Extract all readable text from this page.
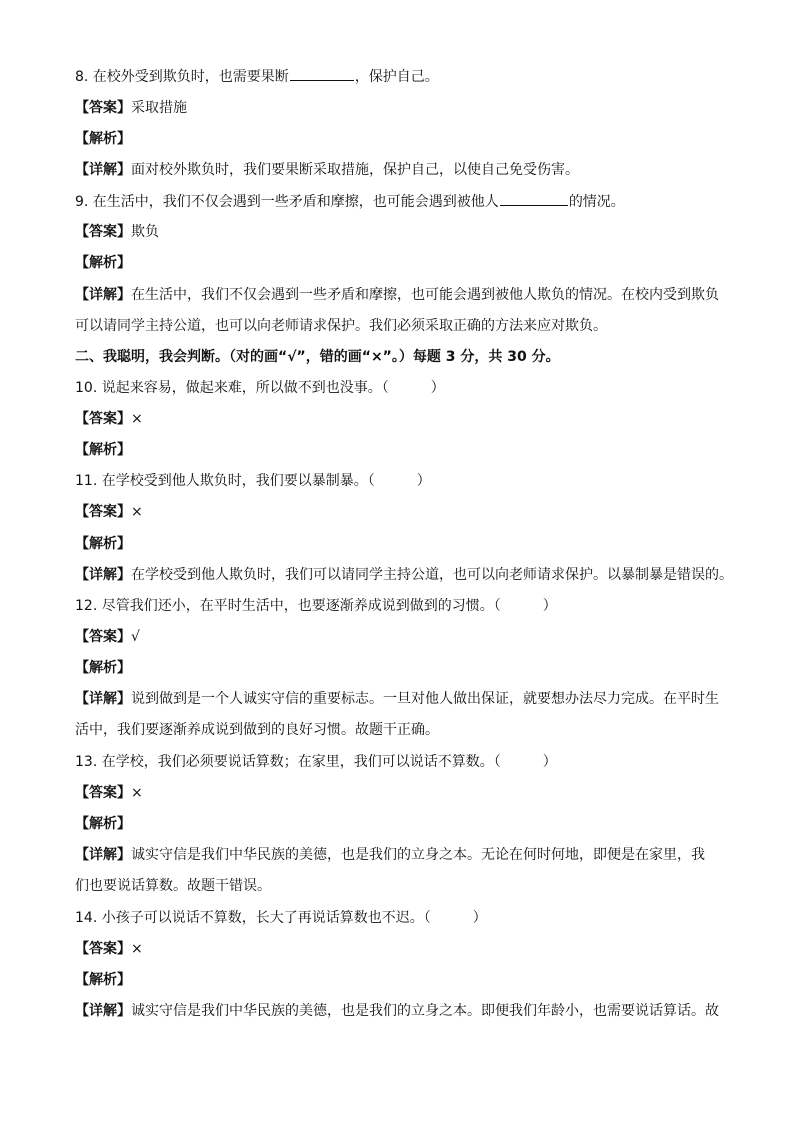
8. 在校外受到欺负时，也需要果断	，保护自己。
【答案】采取措施
【解析】
【详解】面对校外欺负时，我们要果断采取措施，保护自己，以使自己免受伤害。
9. 在生活中，我们不仅会遇到一些矛盾和摩擦，也可能会遇到被他人	的情况。
【答案】欺负
【解析】
【详解】在生活中，我们不仅会遇到一些矛盾和摩擦，也可能会遇到被他人欺负的情况。在校内受到欺负
可以请同学主持公道，也可以向老师请求保护。我们必须采取正确的方法来应对欺负。
二、我聪明，我会判断。（对的画“√”，错的画“×”。）每题 3 分，共 30 分。
10. 说起来容易，做起来难，所以做不到也没事。（	）
【答案】×
【解析】
11. 在学校受到他人欺负时，我们要以暴制暴。（	）
【答案】×
【解析】
【详解】在学校受到他人欺负时，我们可以请同学主持公道，也可以向老师请求保护。以暴制暴是错误的。
12. 尽管我们还小，在平时生活中，也要逐渐养成说到做到的习惯。（	）
【答案】√
【解析】
【详解】说到做到是一个人诚实守信的重要标志。一旦对他人做出保证，就要想办法尽力完成。在平时生
活中，我们要逐渐养成说到做到的良好习惯。故题干正确。
13. 在学校，我们必须要说话算数；在家里，我们可以说话不算数。（	）
【答案】×
【解析】
【详解】诚实守信是我们中华民族的美德，也是我们的立身之本。无论在何时何地，即便是在家里，我
们也要说话算数。故题干错误。
14. 小孩子可以说话不算数，长大了再说话算数也不迟。（	）
【答案】×
【解析】
【详解】诚实守信是我们中华民族的美德，也是我们的立身之本。即便我们年龄小，也需要说话算话。故
